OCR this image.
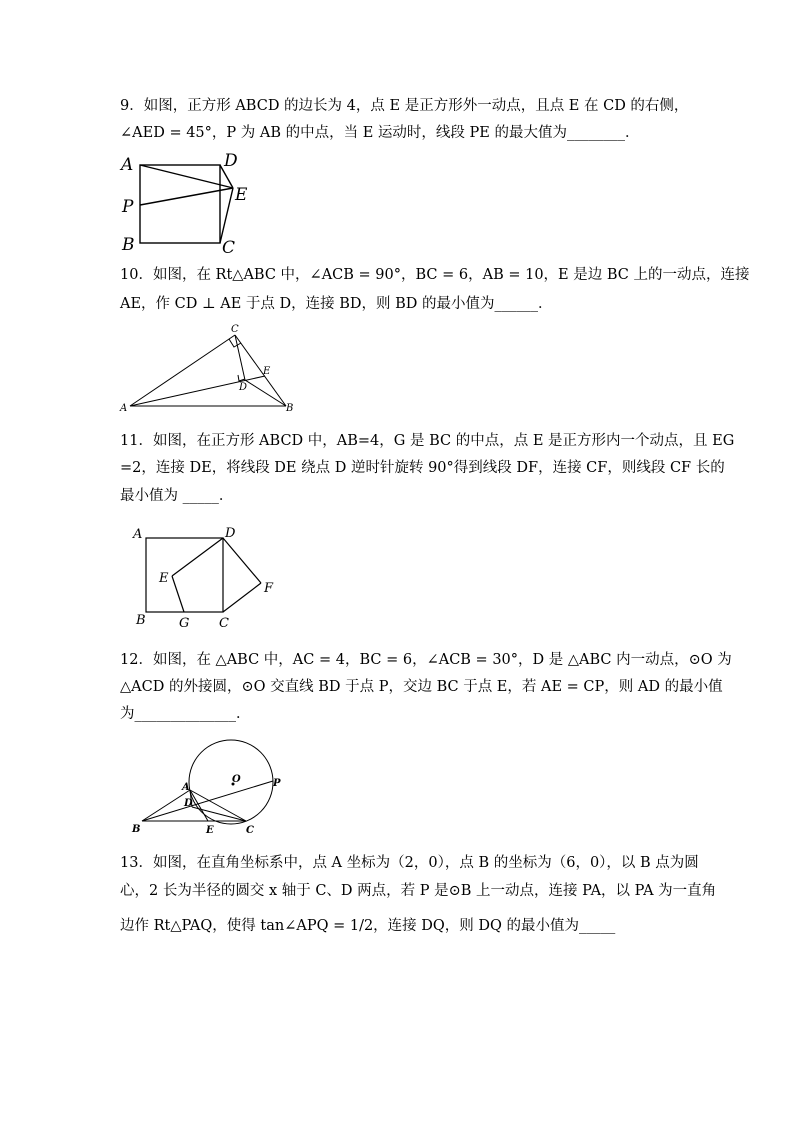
9．如图，正方形 ABCD 的边长为 4，点 E 是正方形外一动点，且点 E 在 CD 的右侧，
∠AED = 45°，P 为 AB 的中点，当 E 运动时，线段 PE 的最大值为________．
A	D
P
E
B	C
10．如图，在 Rt△ABC 中，∠ACB = 90°，BC = 6，AB = 10，E 是边 BC 上的一动点，连接
AE，作 CD ⊥ AE 于点 D，连接 BD，则 BD 的最小值为______．
C
E
D
A	B
11．如图，在正方形 ABCD 中，AB=4，G 是 BC 的中点，点 E 是正方形内一个动点，且 EG
=2，连接 DE，将线段 DE 绕点 D 逆时针旋转 90°得到线段 DF，连接 CF，则线段 CF 长的
最小值为 _____．
A	D
E
F
B	G C
12．如图，在 △ABC 中，AC = 4，BC = 6，∠ACB = 30°，D 是 △ABC 内一动点，⊙O 为
△ACD 的外接圆，⊙O 交直线 BD 于点 P，交边 BC 于点 E，若 AE = CP，则 AD 的最小值
为______________．
O	P
A
D
B	E	C
13．如图，在直角坐标系中，点 A 坐标为（2，0），点 B 的坐标为（6，0），以 B 点为圆
心，2 长为半径的圆交 x 轴于 C、D 两点，若 P 是⊙B 上一动点，连接 PA，以 PA 为一直角
边作 Rt△PAQ，使得 tan∠APQ = 1/2，连接 DQ，则 DQ 的最小值为_____
